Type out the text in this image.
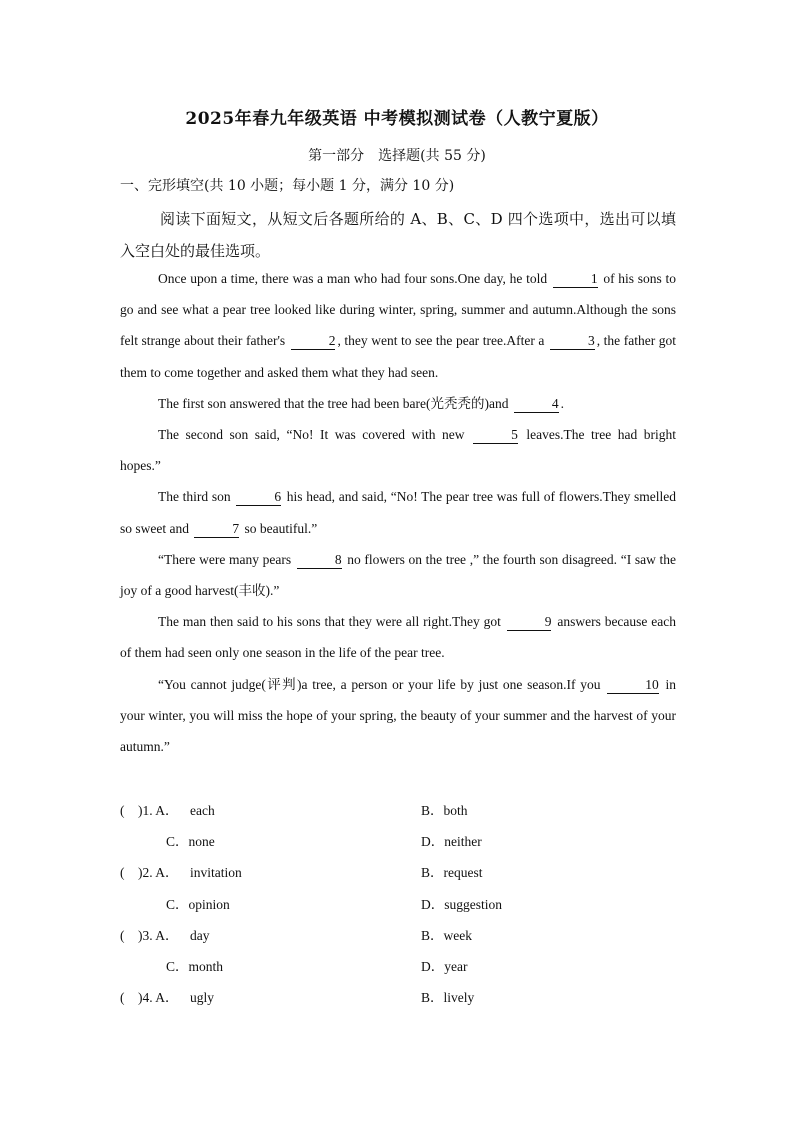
2025年春九年级英语 中考模拟测试卷（人教宁夏版）
第一部分　选择题(共 55 分)
一、完形填空(共 10 小题；每小题 1 分，满分 10 分)

阅读下面短文，从短文后各题所给的 A、B、C、D 四个选项中，选出可以填入空白处的最佳选项。

Once upon a time, there was a man who had four sons.One day, he told	1 of his sons to go and see what a pear tree looked like during winter, spring, summer and autumn.Although the sons felt strange about their father's	2 , they went to see the pear tree.After a	3 , the father got them to come together and asked them what they had seen.

The first son answered that the tree had been bare(光秃秃的)and	4 .

The second son said, “No! It was covered with new	5 leaves.The tree had bright hopes.”

The third son	6 his head, and said, “No! The pear tree was full of flowers.They smelled so sweet and	7 so beautiful.”

“There were many pears	8 no flowers on the tree ,” the fourth son disagreed. “I saw the joy of a good harvest(丰收).”

The man then said to his sons that they were all right.They got	9 answers because each of them had seen only one season in the life of the pear tree.

“You cannot judge(评判)a tree, a person or your life by just one season.If you	10 in your winter, you will miss the hope of your spring, the beauty of your summer and the harvest of your autumn.”

(　)1. A． each	B．both
C．none	D．neither
(　)2. A． invitation	B．request
C．opinion	D．suggestion
(　)3. A． day	B．week
C．month	D．year
(　)4. A． ugly	B．lively
